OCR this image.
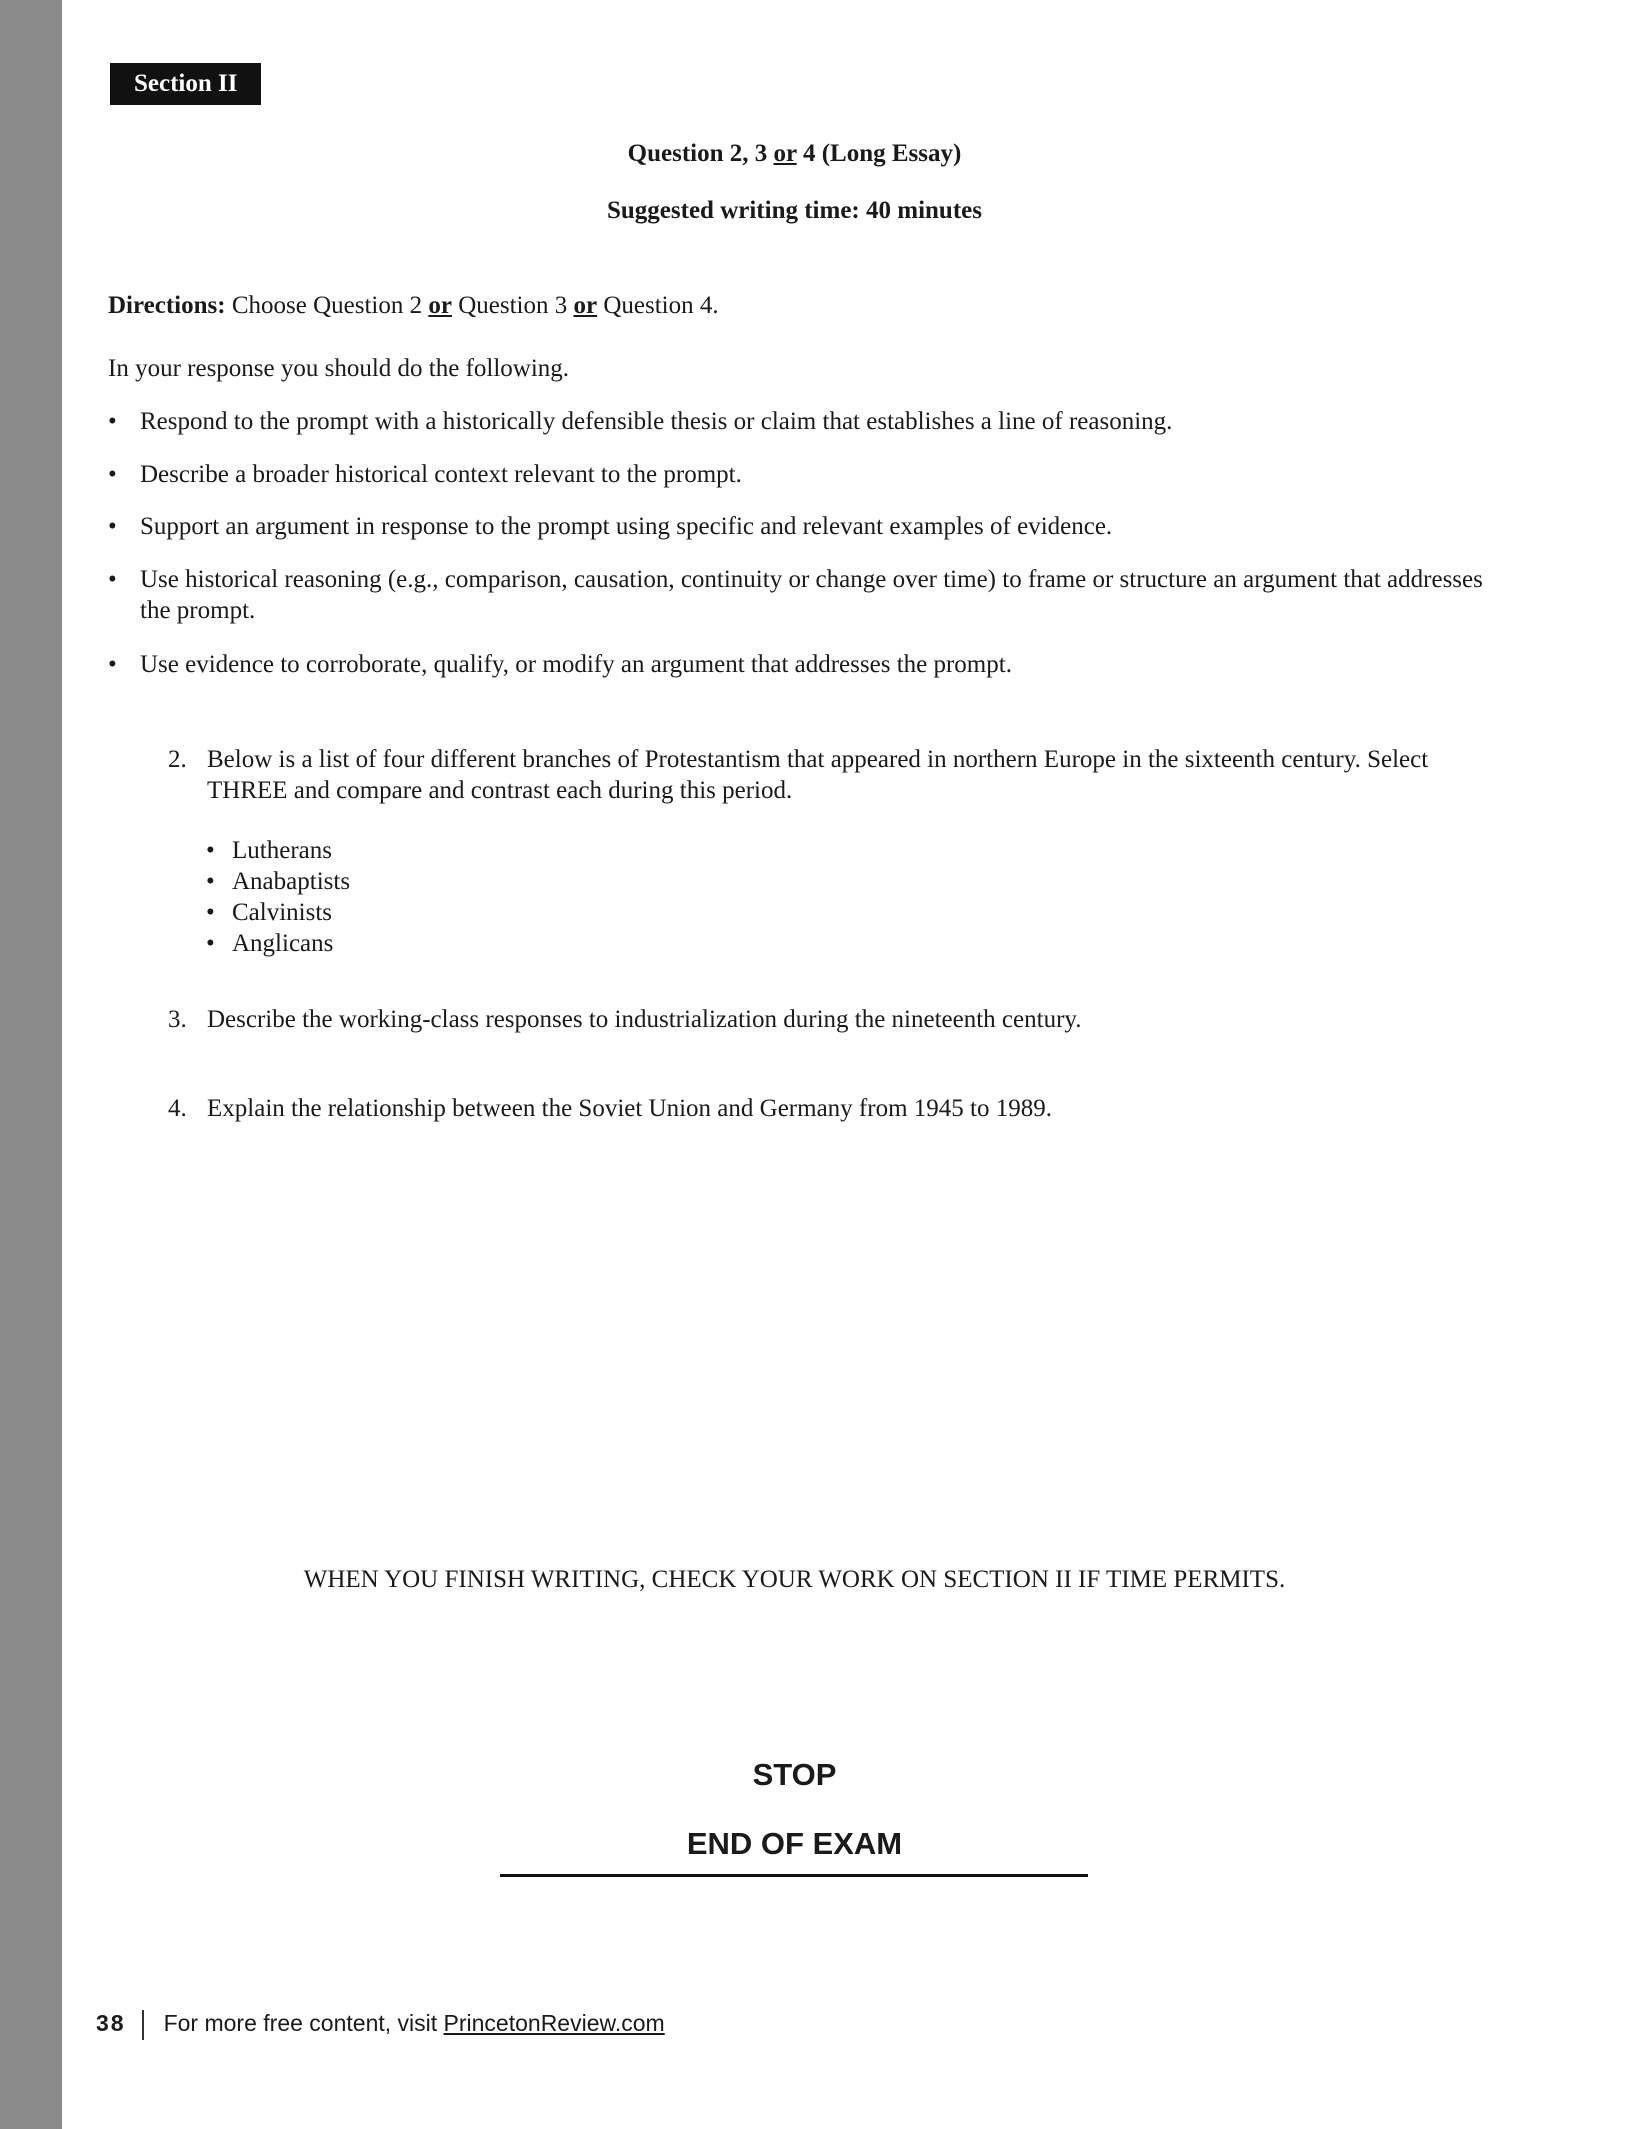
Section II
Question 2, 3 or 4 (Long Essay)
Suggested writing time: 40 minutes
Directions: Choose Question 2 or Question 3 or Question 4.
In your response you should do the following.
• Respond to the prompt with a historically defensible thesis or claim that establishes a line of reasoning.
• Describe a broader historical context relevant to the prompt.
• Support an argument in response to the prompt using specific and relevant examples of evidence.
• Use historical reasoning (e.g., comparison, causation, continuity or change over time) to frame or structure an argument that addresses the prompt.
• Use evidence to corroborate, qualify, or modify an argument that addresses the prompt.
2. Below is a list of four different branches of Protestantism that appeared in northern Europe in the sixteenth century. Select THREE and compare and contrast each during this period.
• Lutherans
• Anabaptists
• Calvinists
• Anglicans
3. Describe the working-class responses to industrialization during the nineteenth century.
4. Explain the relationship between the Soviet Union and Germany from 1945 to 1989.
WHEN YOU FINISH WRITING, CHECK YOUR WORK ON SECTION II IF TIME PERMITS.
STOP
END OF EXAM
38 For more free content, visit PrincetonReview.com
